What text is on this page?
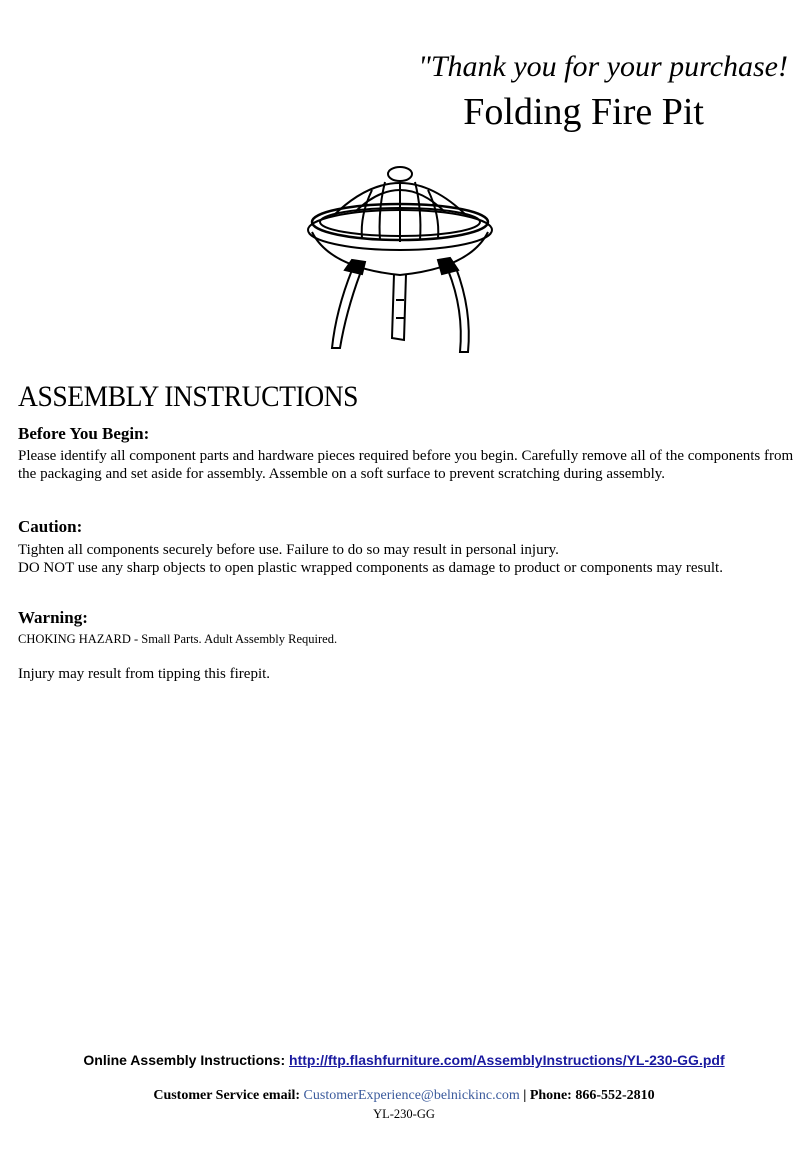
"Thank you for your purchase!
Folding Fire Pit
ASSEMBLY INSTRUCTIONS
Before You Begin:
Please identify all component parts and hardware pieces required before you begin. Carefully remove all of the components from the packaging and set aside for assembly. Assemble on a soft surface to prevent scratching during assembly.
Caution:
Tighten all components securely before use. Failure to do so may result in personal injury.
DO NOT use any sharp objects to open plastic wrapped components as damage to product or components may result.
Warning:
CHOKING HAZARD - Small Parts. Adult Assembly Required.
Injury may result from tipping this firepit.
Online Assembly Instructions: http://ftp.flashfurniture.com/AssemblyInstructions/YL-230-GG.pdf
Customer Service email: CustomerExperience@belnickinc.com | Phone: 866-552-2810
YL-230-GG
